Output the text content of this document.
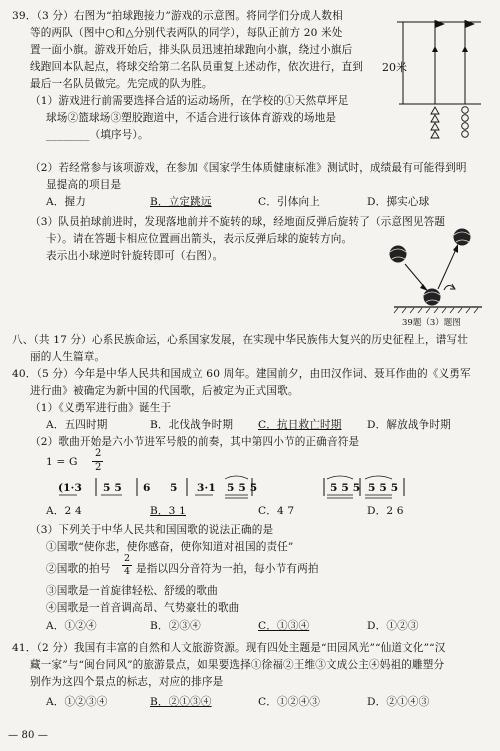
39．（3 分）右图为“拍球跑接力”游戏的示意图。将同学们分成人数相
等的两队（图中○和△分别代表两队的同学），每队正前方 20 米处
置一面小旗。游戏开始后，排头队员迅速拍球跑向小旗，绕过小旗后
线跑回本队起点，将球交给第二名队员重复上述动作，依次进行，直到
最后一名队员做完。先完成的队为胜。
（1）游戏进行前需要选择合适的运动场所，在学校的①天然草坪足
球场②篮球场③塑胶跑道中，不适合进行该体育游戏的场地是
________（填序号）。
20米
（2）若经常参与该项游戏，在参加《国家学生体质健康标准》测试时，成绩最有可能得到明
显提高的项目是
A．握力	B．立定跳远	C．引体向上	D．掷实心球
（3）队员拍球前进时，发现落地前并不旋转的球，经地面反弹后旋转了（示意图见答题
卡）。请在答题卡相应位置画出箭头，表示反弹后球的旋转方向。
表示出小球逆时针旋转即可（右图）。
39题（3）题图
八、（共 17 分）心系民族命运，心系国家发展，在实现中华民族伟大复兴的历史征程上，谱写壮
丽的人生篇章。
40．（5 分）今年是中华人民共和国成立 60 周年。建国前夕，由田汉作词、聂耳作曲的《义勇军
进行曲》被确定为新中国的代国歌，后被定为正式国歌。
（1）《义勇军进行曲》诞生于
A．五四时期	B．北伐战争时期 C．抗日救亡时期 D．解放战争时期
（2）歌曲开始是六小节进军号般的前奏，其中第四小节的正确音符是
1 = G
2
2
(1·3 5 5 6 5 3·1 5 5 5	5 5 5 5 5 5
A．2 4	B．3 1	C．4 7	D．2 6
（3）下列关于中华人民共和国国歌的说法正确的是
①国歌“使你悲，使你感奋，使你知道对祖国的责任”
②国歌的拍号
2
4 是指以四分音符为一拍，每小节有两拍
③国歌是一首旋律轻松、舒缓的歌曲
④国歌是一首音调高昂、气势豪壮的歌曲
A．①②④	B．②③④	C．①③④	D．①②③
41．（2 分）我国有丰富的自然和人文旅游资源。现有四处主题是“田园风光”“仙道文化”“汉
藏一家”与“闽台同风”的旅游景点，如果要选择①徐福②王维③文成公主④妈祖的雕塑分
别作为这四个景点的标志，对应的排序是
A．①②③④	B．②①③④	C．①②④③	D．②①④③
— 80 —
